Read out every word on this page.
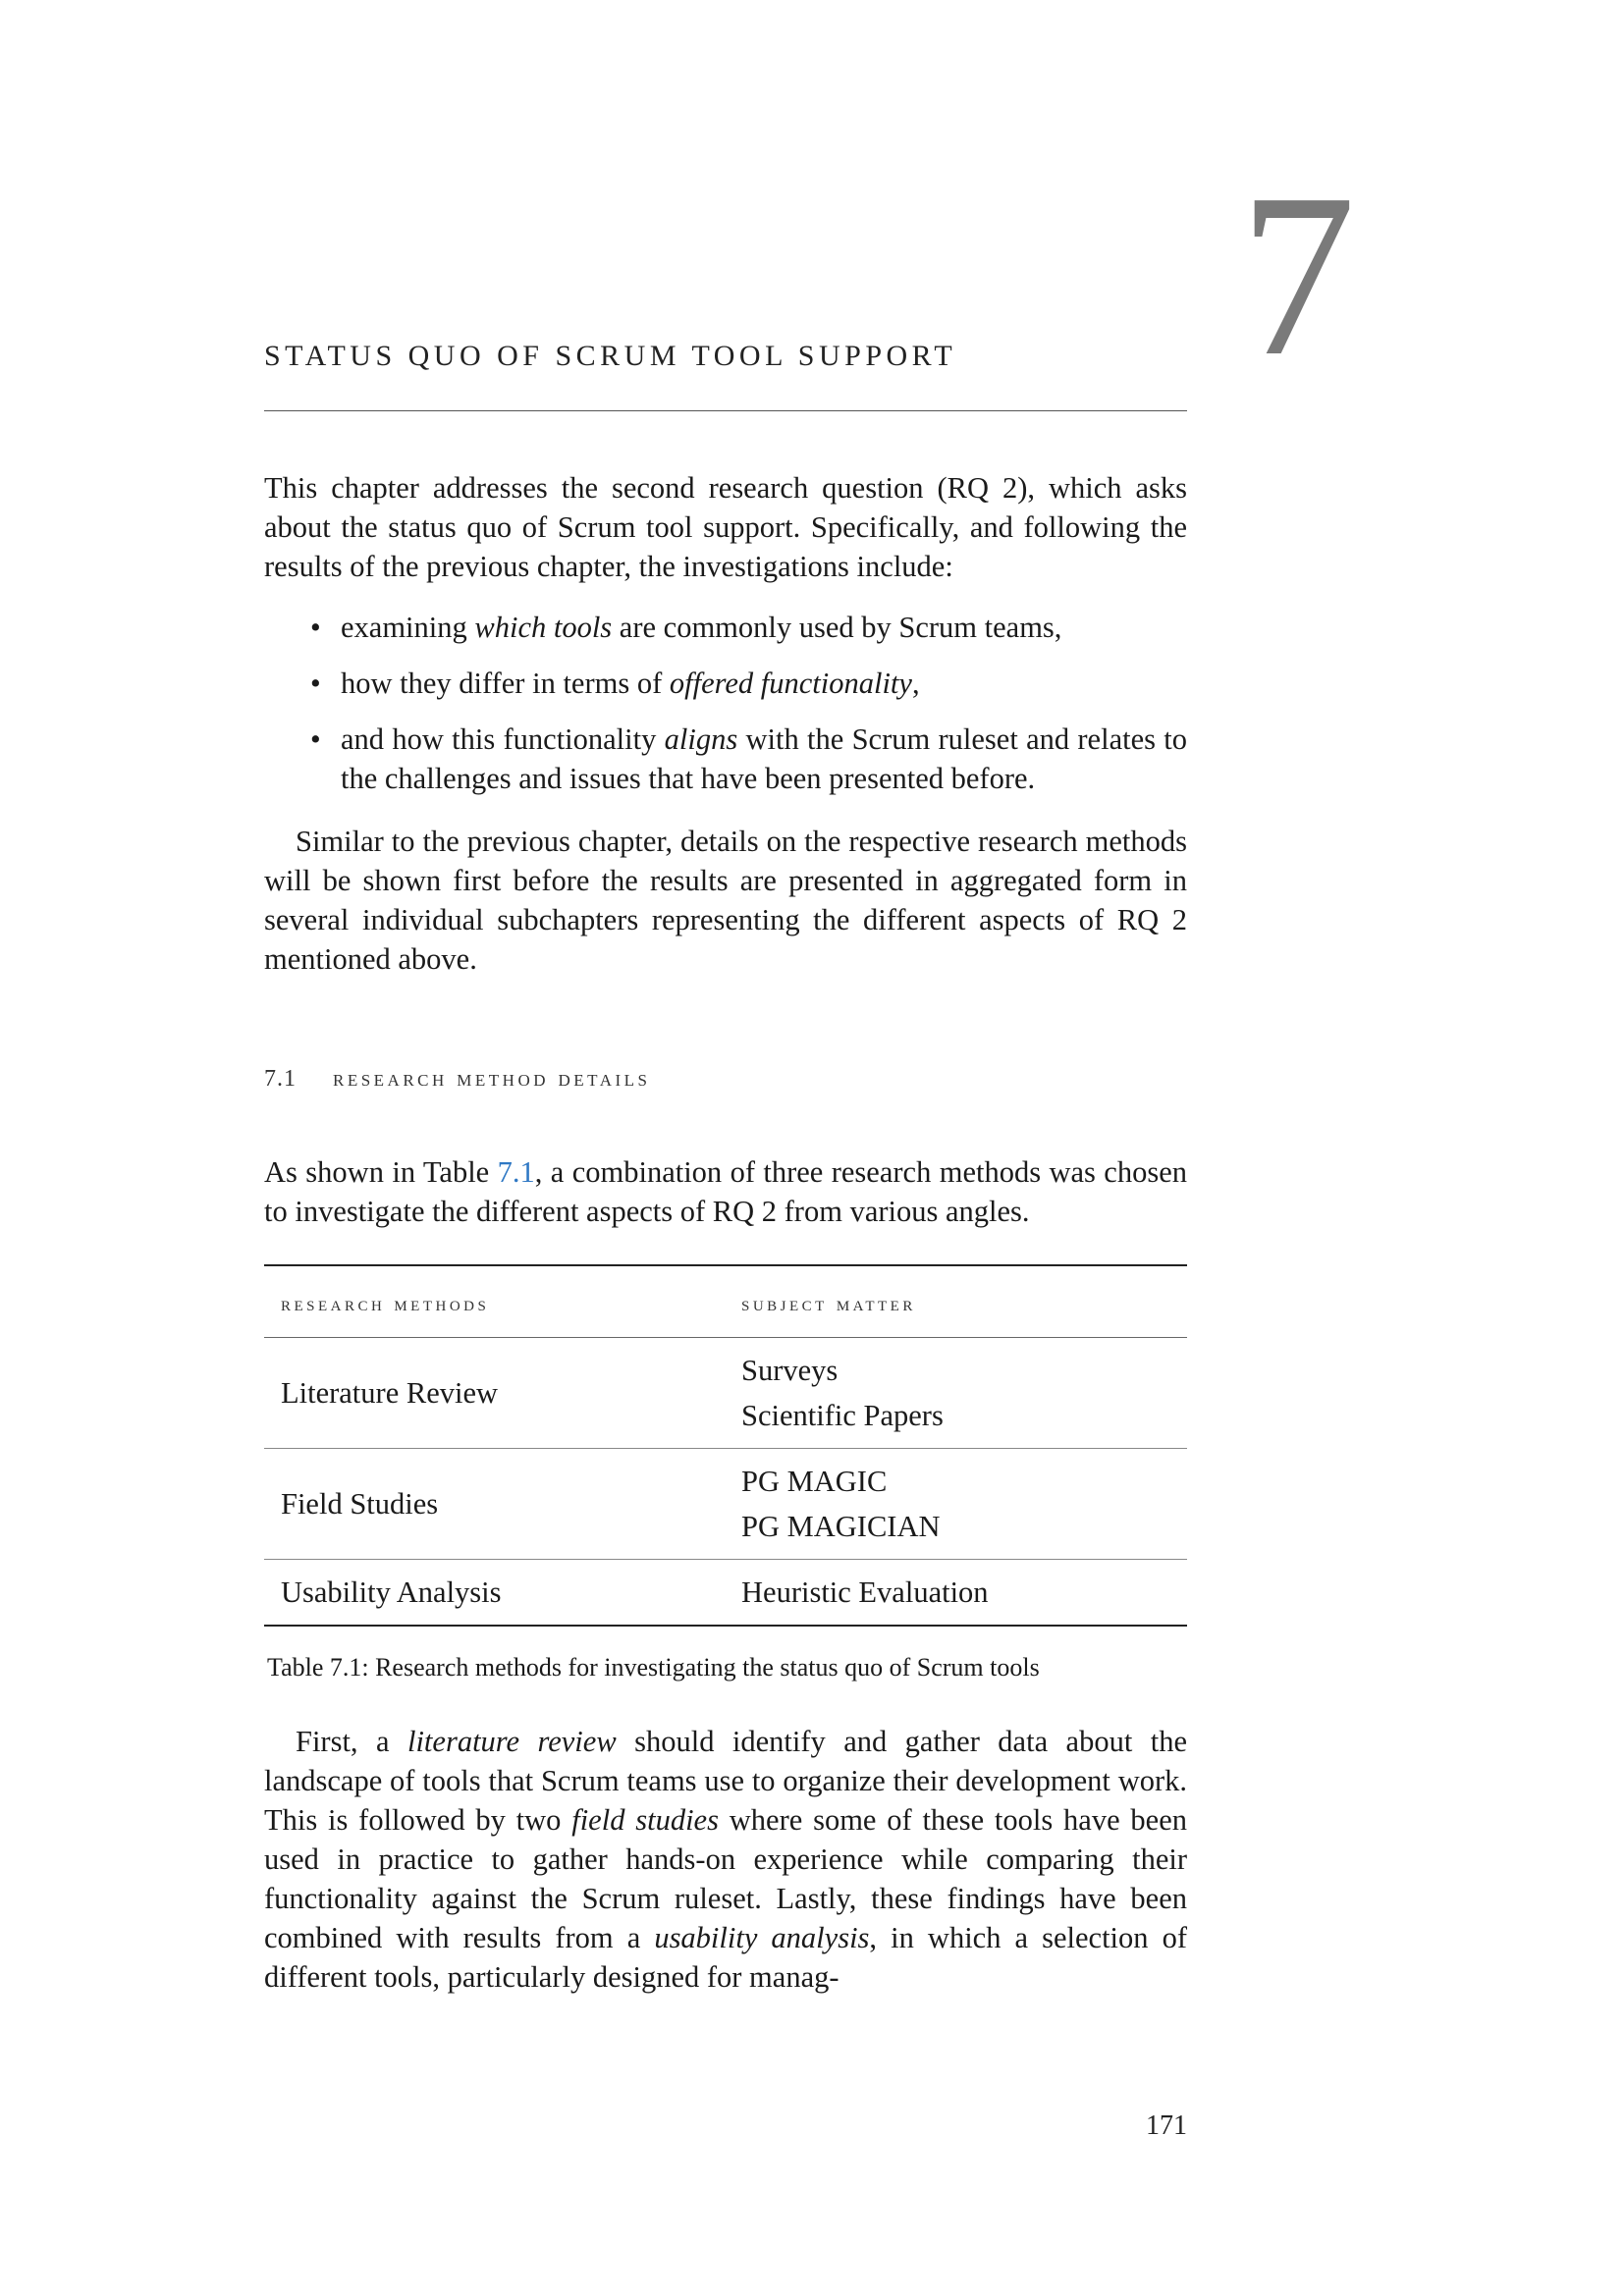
7
STATUS QUO OF SCRUM TOOL SUPPORT

This chapter addresses the second research question (RQ 2), which asks about the status quo of Scrum tool support. Specifically, and following the results of the previous chapter, the investigations include:

• examining which tools are commonly used by Scrum teams,
• how they differ in terms of offered functionality,
• and how this functionality aligns with the Scrum ruleset and relates to the challenges and issues that have been presented before.

Similar to the previous chapter, details on the respective research methods will be shown first before the results are presented in aggregated form in several individual subchapters representing the different aspects of RQ 2 mentioned above.

7.1 research method details

As shown in Table 7.1, a combination of three research methods was chosen to investigate the different aspects of RQ 2 from various angles.

research methods	subject matter
Literature Review	Surveys
Scientific Papers

Field Studies	PG MAGIC
PG MAGICIAN

Usability Analysis	Heuristic Evaluation
Table 7.1: Research methods for investigating the status quo of Scrum tools

First, a literature review should identify and gather data about the landscape of tools that Scrum teams use to organize their development work. This is followed by two field studies where some of these tools have been used in practice to gather hands-on experience while comparing their functionality against the Scrum ruleset. Lastly, these findings have been combined with results from a usability analysis, in which a selection of different tools, particularly designed for manag-

171
